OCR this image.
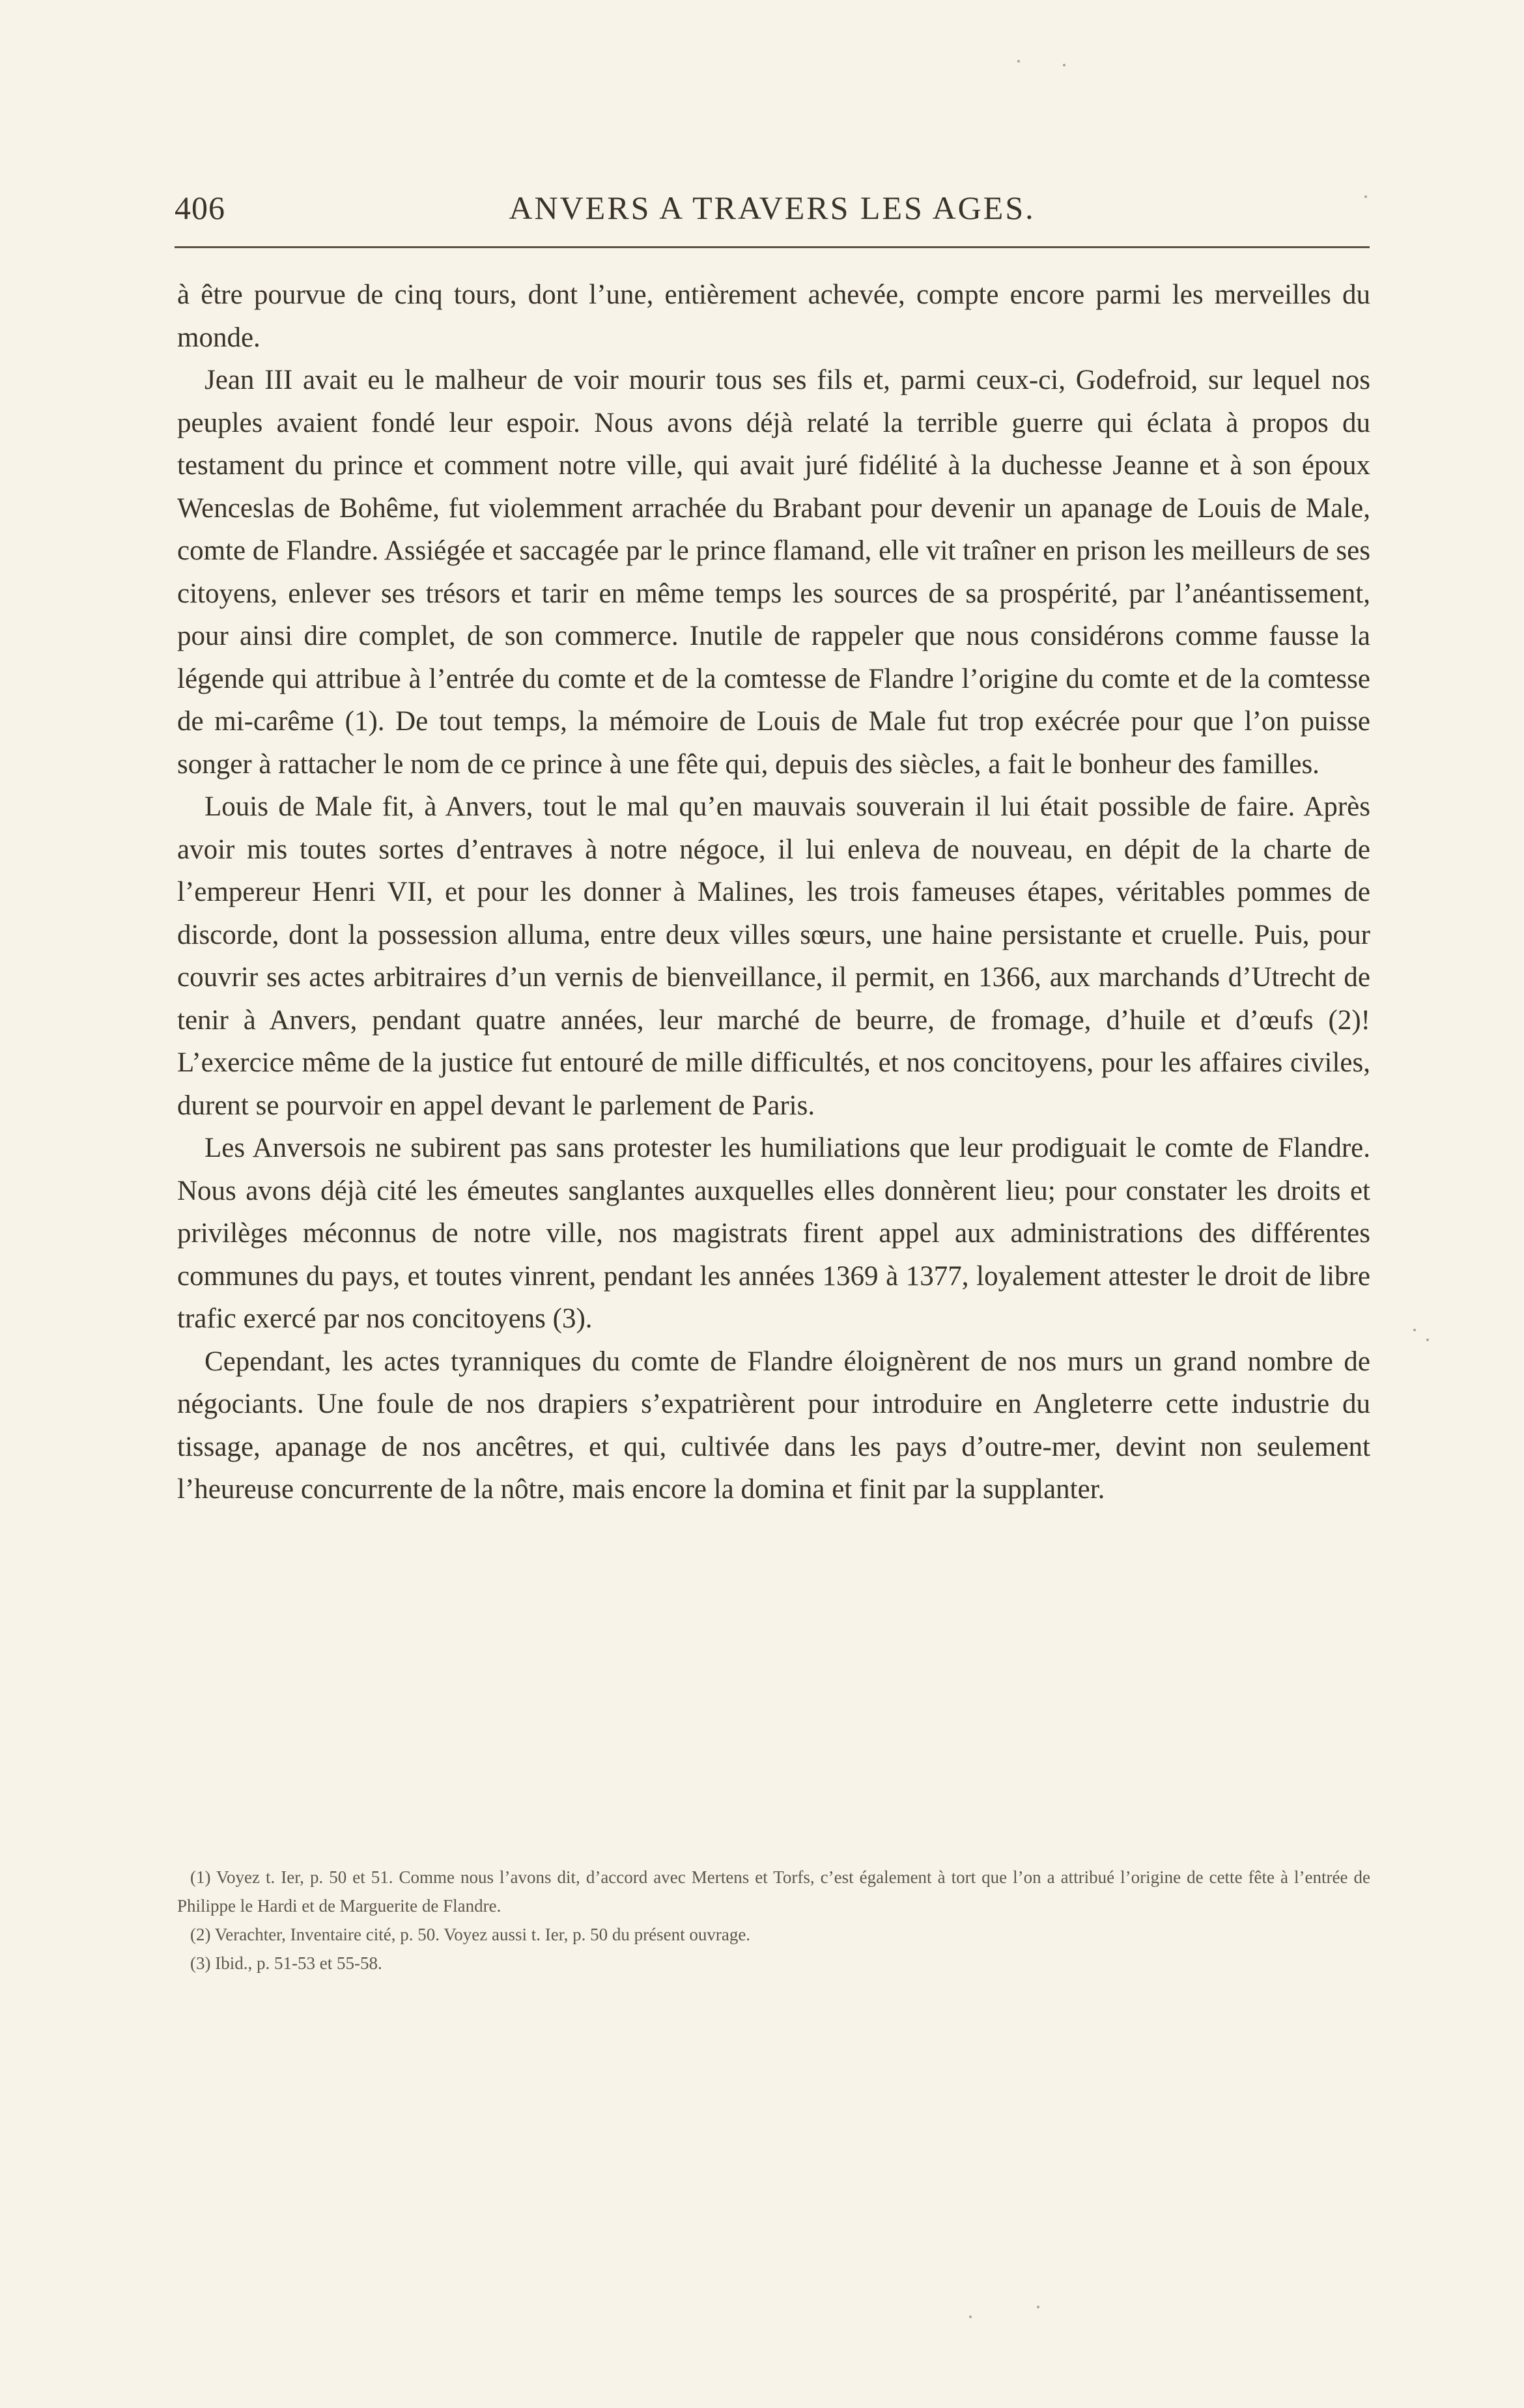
406	ANVERS A TRAVERS LES AGES.

à être pourvue de cinq tours, dont l’une, entièrement achevée, compte encore parmi les merveilles du monde.

Jean III avait eu le malheur de voir mourir tous ses fils et, parmi ceux-ci, Godefroid, sur lequel nos peuples avaient fondé leur espoir. Nous avons déjà relaté la terrible guerre qui éclata à propos du testament du prince et comment notre ville, qui avait juré fidélité à la duchesse Jeanne et à son époux Wenceslas de Bohême, fut violemment arrachée du Brabant pour devenir un apanage de Louis de Male, comte de Flandre. Assiégée et saccagée par le prince flamand, elle vit traîner en prison les meilleurs de ses citoyens, enlever ses trésors et tarir en même temps les sources de sa prospérité, par l’anéantissement, pour ainsi dire complet, de son commerce. Inutile de rappeler que nous considérons comme fausse la légende qui attribue à l’entrée du comte et de la comtesse de Flandre l’origine du comte et de la comtesse de mi-carême (1). De tout temps, la mémoire de Louis de Male fut trop exécrée pour que l’on puisse songer à rattacher le nom de ce prince à une fête qui, depuis des siècles, a fait le bonheur des familles.

Louis de Male fit, à Anvers, tout le mal qu’en mauvais souverain il lui était possible de faire. Après avoir mis toutes sortes d’entraves à notre négoce, il lui enleva de nouveau, en dépit de la charte de l’empereur Henri VII, et pour les donner à Malines, les trois fameuses étapes, véritables pommes de discorde, dont la possession alluma, entre deux villes sœurs, une haine persistante et cruelle. Puis, pour couvrir ses actes arbitraires d’un vernis de bienveillance, il permit, en 1366, aux marchands d’Utrecht de tenir à Anvers, pendant quatre années, leur marché de beurre, de fromage, d’huile et d’œufs (2)! L’exercice même de la justice fut entouré de mille difficultés, et nos concitoyens, pour les affaires civiles, durent se pourvoir en appel devant le parlement de Paris.

Les Anversois ne subirent pas sans protester les humiliations que leur prodiguait le comte de Flandre. Nous avons déjà cité les émeutes sanglantes auxquelles elles donnèrent lieu; pour constater les droits et privilèges méconnus de notre ville, nos magistrats firent appel aux administrations des différentes communes du pays, et toutes vinrent, pendant les années 1369 à 1377, loyalement attester le droit de libre trafic exercé par nos concitoyens (3).

Cependant, les actes tyranniques du comte de Flandre éloignèrent de nos murs un grand nombre de négociants. Une foule de nos drapiers s’expatrièrent pour introduire en Angleterre cette industrie du tissage, apanage de nos ancêtres, et qui, cultivée dans les pays d’outre-mer, devint non seulement l’heureuse concurrente de la nôtre, mais encore la domina et finit par la supplanter.

(1) Voyez t. Ier, p. 50 et 51. Comme nous l’avons dit, d’accord avec Mertens et Torfs, c’est également à tort que l’on a attribué l’origine de cette fête à l’entrée de Philippe le Hardi et de Marguerite de Flandre.

(2) Verachter, Inventaire cité, p. 50. Voyez aussi t. Ier, p. 50 du présent ouvrage.

(3) Ibid., p. 51-53 et 55-58.
